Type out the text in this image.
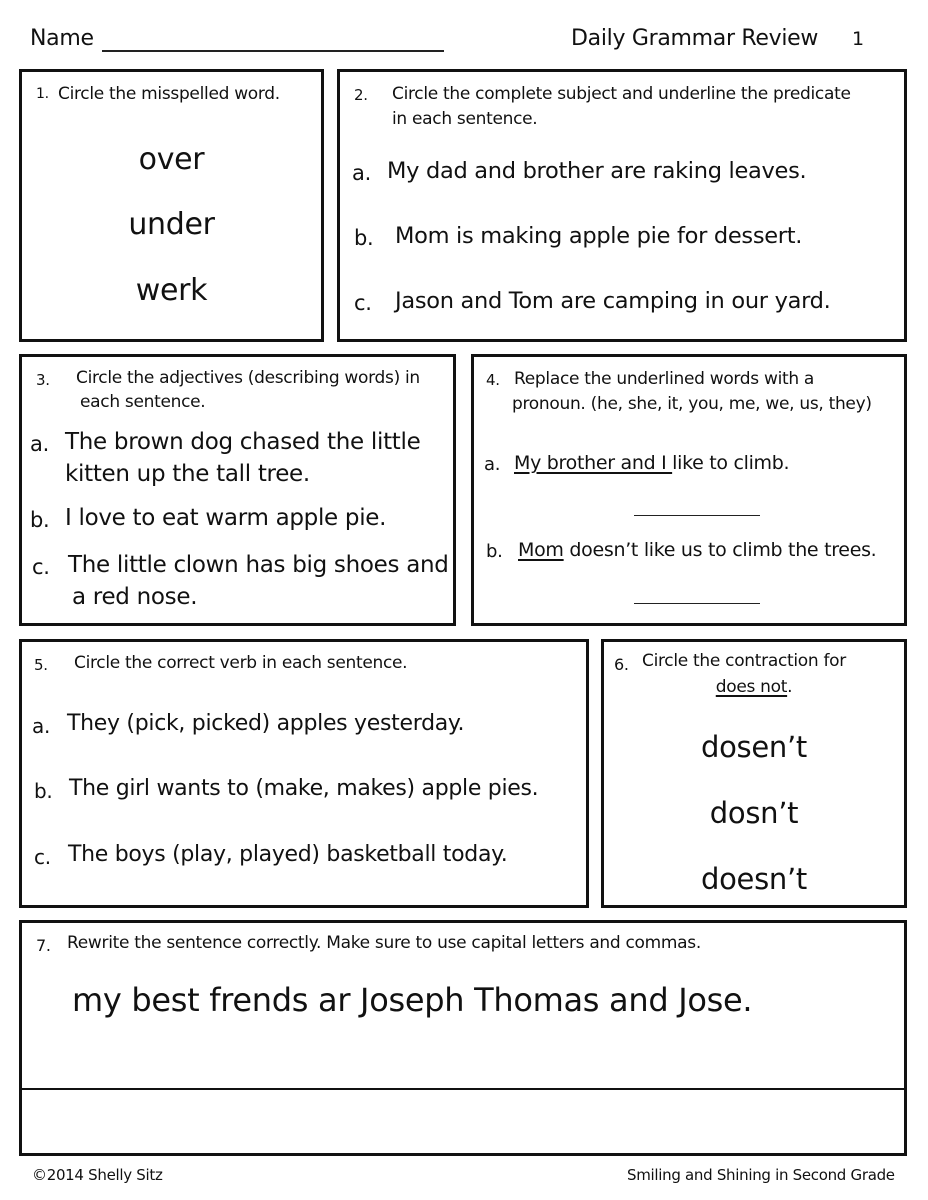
Name	Daily Grammar Review 1
1. Circle the misspelled word.
over
under
werk
2. Circle the complete subject and underline the predicate
in each sentence.
a. My dad and brother are raking leaves.
b. Mom is making apple pie for dessert.
c. Jason and Tom are camping in our yard.
3. Circle the adjectives (describing words) in
each sentence.
a. The brown dog chased the little
kitten up the tall tree.
b. I love to eat warm apple pie.
c. The little clown has big shoes and
a red nose.
4. Replace the underlined words with a
pronoun. (he, she, it, you, me, we, us, they)
a. My brother and I like to climb.
b. Mom doesn’t like us to climb the trees.
5. Circle the correct verb in each sentence.
a. They (pick, picked) apples yesterday.
b. The girl wants to (make, makes) apple pies.
c. The boys (play, played) basketball today.
6. Circle the contraction for
does not.
dosen’t
dosn’t
doesn’t
7. Rewrite the sentence correctly. Make sure to use capital letters and commas.
my best frends ar Joseph Thomas and Jose.
©2014 Shelly Sitz	Smiling and Shining in Second Grade
